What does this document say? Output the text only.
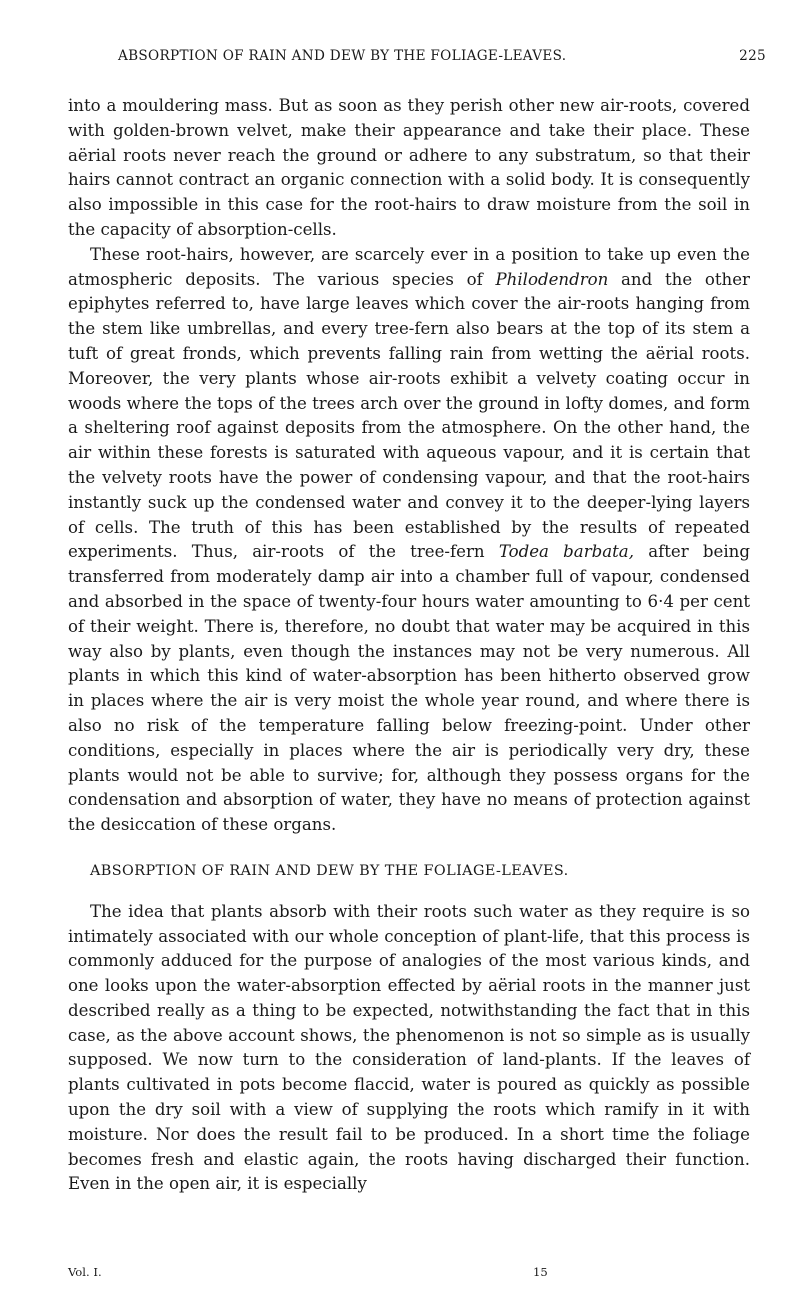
ABSORPTION OF RAIN AND DEW BY THE FOLIAGE-LEAVES.	225

into a mouldering mass. But as soon as they perish other new air-roots, covered with golden-brown velvet, make their appearance and take their place. These aërial roots never reach the ground or adhere to any substratum, so that their hairs cannot contract an organic connection with a solid body. It is consequently also impossible in this case for the root-hairs to draw moisture from the soil in the capacity of absorption-cells.

These root-hairs, however, are scarcely ever in a position to take up even the atmospheric deposits. The various species of Philodendron and the other epiphytes referred to, have large leaves which cover the air-roots hanging from the stem like umbrellas, and every tree-fern also bears at the top of its stem a tuft of great fronds, which prevents falling rain from wetting the aërial roots. Moreover, the very plants whose air-roots exhibit a velvety coating occur in woods where the tops of the trees arch over the ground in lofty domes, and form a sheltering roof against deposits from the atmosphere. On the other hand, the air within these forests is saturated with aqueous vapour, and it is certain that the velvety roots have the power of condensing vapour, and that the root-hairs instantly suck up the condensed water and convey it to the deeper-lying layers of cells. The truth of this has been established by the results of repeated experiments. Thus, air-roots of the tree-fern Todea barbata, after being transferred from moderately damp air into a chamber full of vapour, condensed and absorbed in the space of twenty-four hours water amounting to 6·4 per cent of their weight. There is, therefore, no doubt that water may be acquired in this way also by plants, even though the instances may not be very numerous. All plants in which this kind of water-absorption has been hitherto observed grow in places where the air is very moist the whole year round, and where there is also no risk of the temperature falling below freezing-point. Under other conditions, especially in places where the air is periodically very dry, these plants would not be able to survive; for, although they possess organs for the condensation and absorption of water, they have no means of protection against the desiccation of these organs.

ABSORPTION OF RAIN AND DEW BY THE FOLIAGE-LEAVES.

The idea that plants absorb with their roots such water as they require is so intimately associated with our whole conception of plant-life, that this process is commonly adduced for the purpose of analogies of the most various kinds, and one looks upon the water-absorption effected by aërial roots in the manner just described really as a thing to be expected, notwithstanding the fact that in this case, as the above account shows, the phenomenon is not so simple as is usually supposed. We now turn to the consideration of land-plants. If the leaves of plants cultivated in pots become flaccid, water is poured as quickly as possible upon the dry soil with a view of supplying the roots which ramify in it with moisture. Nor does the result fail to be produced. In a short time the foliage becomes fresh and elastic again, the roots having discharged their function. Even in the open air, it is especially

Vol. I.	15
